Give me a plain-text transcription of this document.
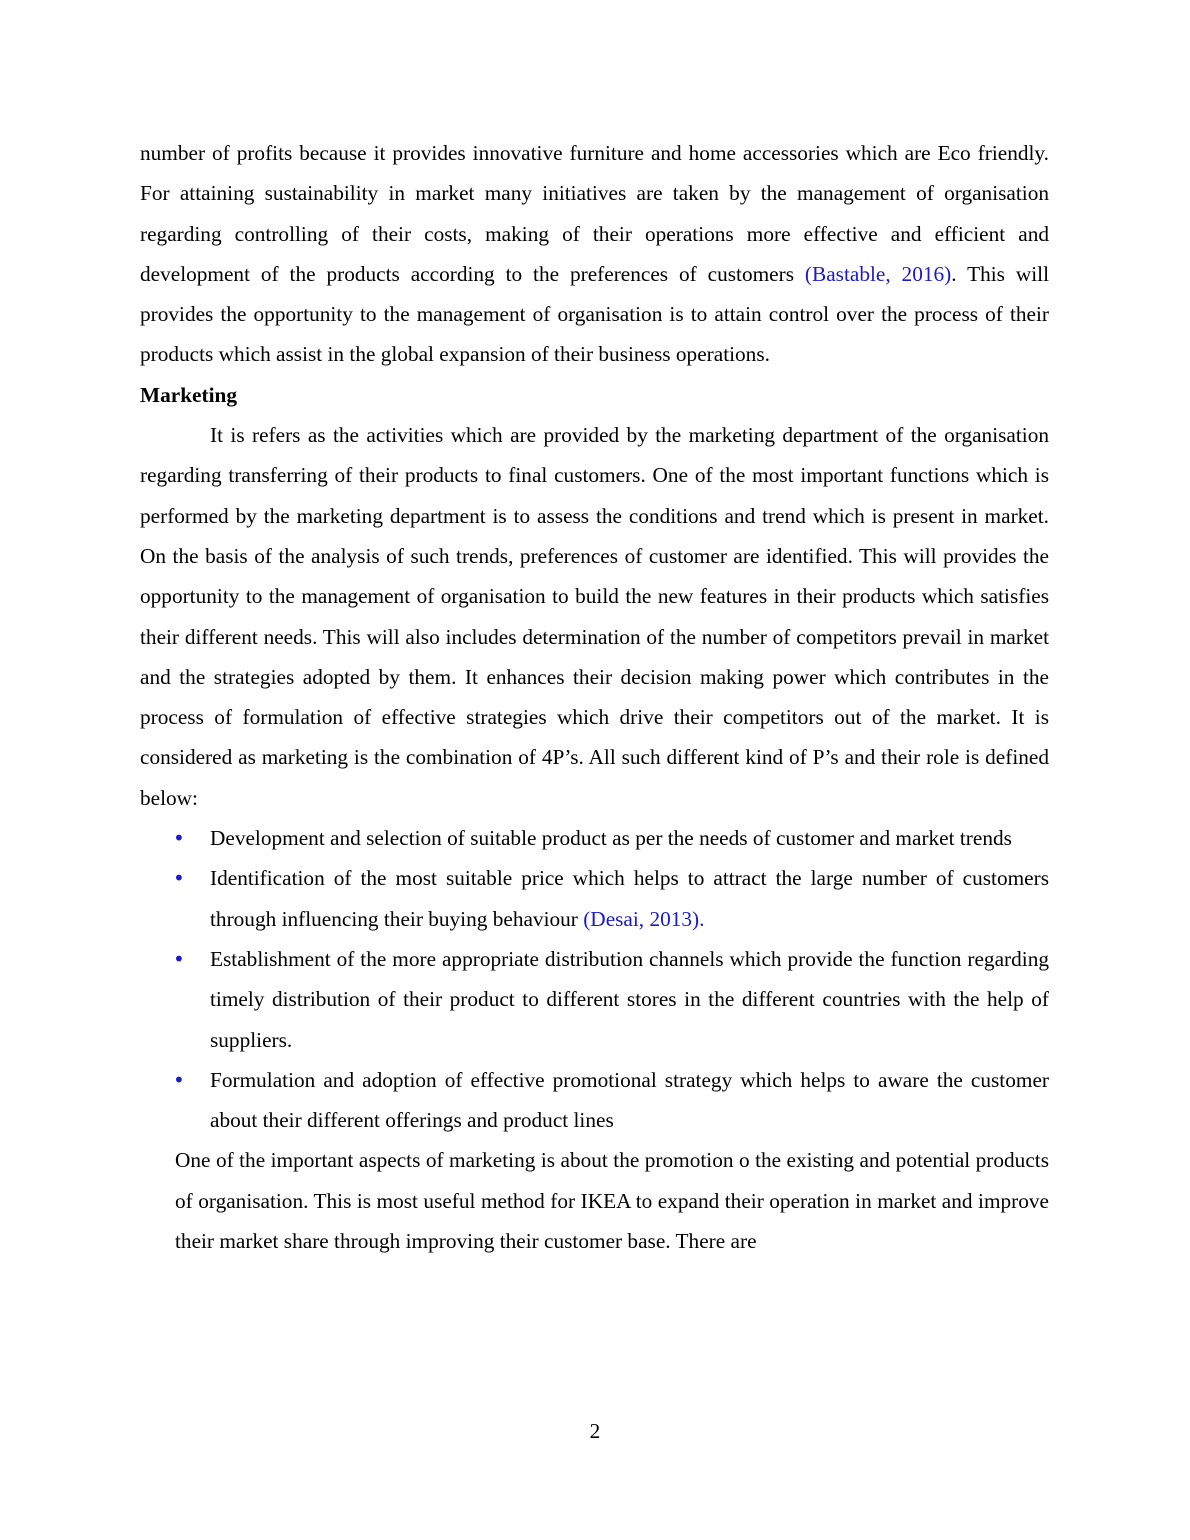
number of profits because it provides innovative furniture and home accessories which are Eco friendly. For attaining sustainability in market many initiatives are taken by the management of organisation regarding controlling of their costs, making of their operations more effective and efficient and development of the products according to the preferences of customers (Bastable, 2016). This will provides the opportunity to the management of organisation is to attain control over the process of their products which assist in the global expansion of their business operations.

Marketing

It is refers as the activities which are provided by the marketing department of the organisation regarding transferring of their products to final customers. One of the most important functions which is performed by the marketing department is to assess the conditions and trend which is present in market. On the basis of the analysis of such trends, preferences of customer are identified. This will provides the opportunity to the management of organisation to build the new features in their products which satisfies their different needs. This will also includes determination of the number of competitors prevail in market and the strategies adopted by them. It enhances their decision making power which contributes in the process of formulation of effective strategies which drive their competitors out of the market. It is considered as marketing is the combination of 4P’s. All such different kind of P’s and their role is defined below:

• Development and selection of suitable product as per the needs of customer and market trends
• Identification of the most suitable price which helps to attract the large number of customers through influencing their buying behaviour (Desai, 2013).
• Establishment of the more appropriate distribution channels which provide the function regarding timely distribution of their product to different stores in the different countries with the help of suppliers.
• Formulation and adoption of effective promotional strategy which helps to aware the customer about their different offerings and product lines

One of the important aspects of marketing is about the promotion o the existing and potential products of organisation. This is most useful method for IKEA to expand their operation in market and improve their market share through improving their customer base. There are

2
